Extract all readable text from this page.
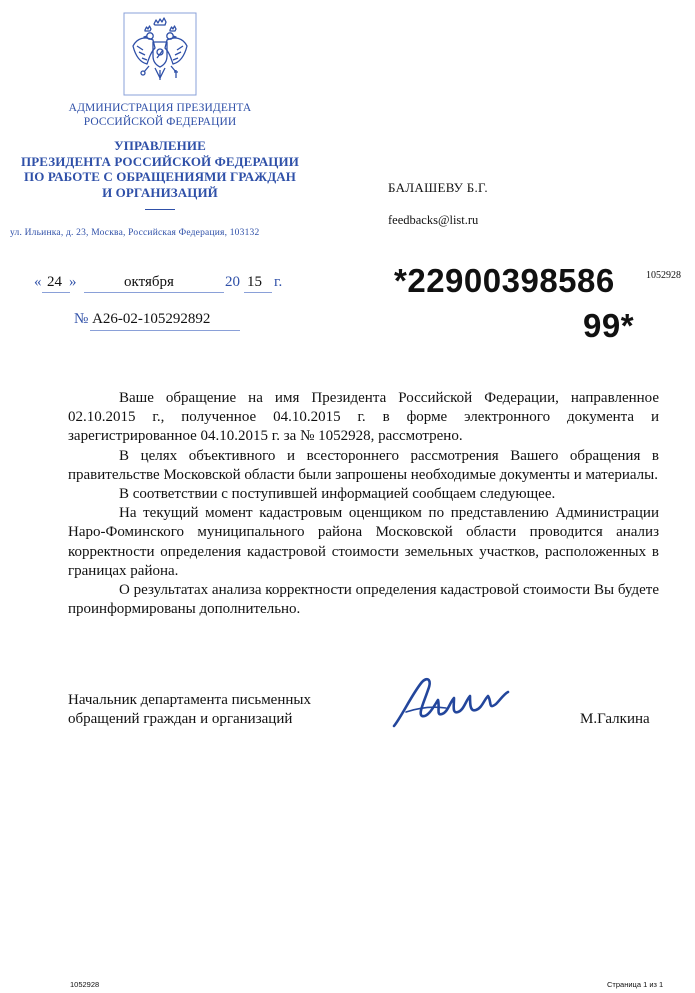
АДМИНИСТРАЦИЯ ПРЕЗИДЕНТА
РОССИЙСКОЙ ФЕДЕРАЦИИ
УПРАВЛЕНИЕ
ПРЕЗИДЕНТА РОССИЙСКОЙ ФЕДЕРАЦИИ
ПО РАБОТЕ С ОБРАЩЕНИЯМИ ГРАЖДАН
И ОРГАНИЗАЦИЙ
ул. Ильинка, д. 23, Москва, Российская Федерация, 103132
« 24 »	октября	20 15 г.
№ А26-02-105292892
БАЛАШЕВУ Б.Г.
feedbacks@list.ru
*22900398586
99*
1052928

Ваше обращение на имя Президента Российской Федерации, направленное 02.10.2015 г., полученное 04.10.2015 г. в форме электронного документа и зарегистрированное 04.10.2015 г. за № 1052928, рассмотрено.

В целях объективного и всестороннего рассмотрения Вашего обращения в правительстве Московской области были запрошены необходимые документы и материалы.

В соответствии с поступившей информацией сообщаем следующее.

На текущий момент кадастровым оценщиком по представлению Администрации Наро-Фоминского муниципального района Московской области проводится анализ корректности определения кадастровой стоимости земельных участков, расположенных в границах района.

О результатах анализа корректности определения кадастровой стоимости Вы будете проинформированы дополнительно.

Начальник департамента письменных
обращений граждан и организаций	М.Галкина
1052928	Страница 1 из 1
